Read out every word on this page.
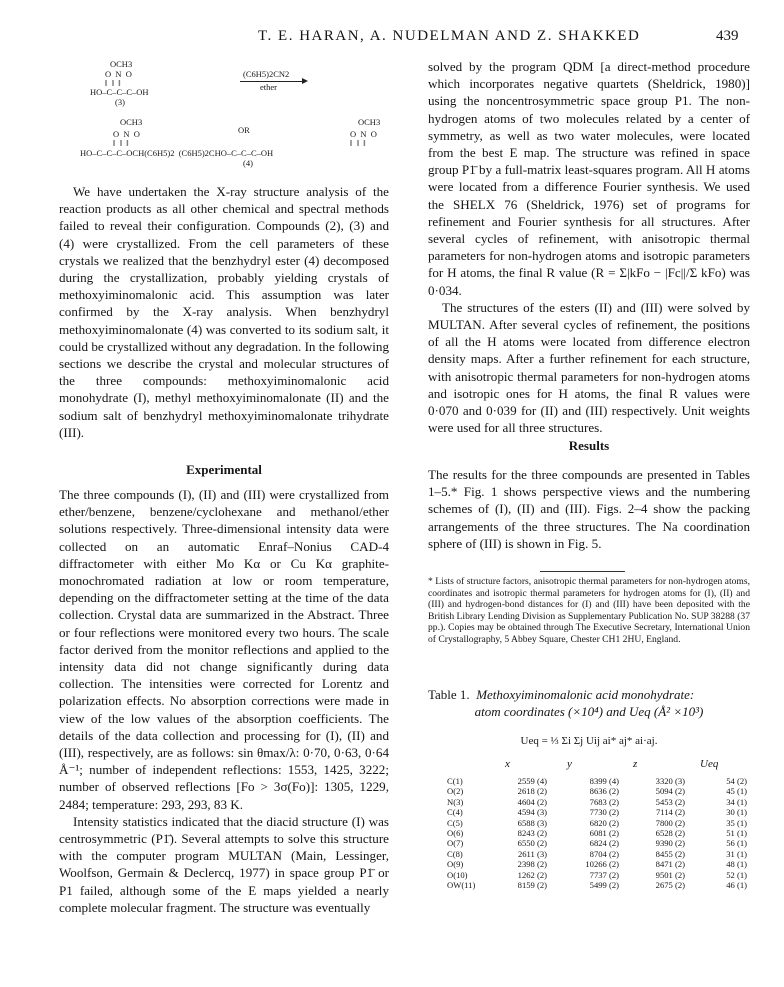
T. E. HARAN, A. NUDELMAN AND Z. SHAKKED	439
OCH3
O  N  O
‖  ‖  ‖
HO–C–C–C–OH
(3)
(C6H5)2CN2
ether
OCH3
O  N  O
‖  ‖  ‖
OR
OCH3
O  N  O
‖  ‖  ‖
HO–C–C–C–OCH(C6H5)2  (C6H5)2CHO–C–C–C–OH
(4)

We have undertaken the X-ray structure analysis of the reaction products as all other chemical and spectral methods failed to reveal their configuration. Compounds (2), (3) and (4) were crystallized. From the cell parameters of these crystals we realized that the benzhydryl ester (4) decomposed during the crystallization, probably yielding crystals of methoxyiminomalonic acid. This assumption was later confirmed by the X-ray analysis. When benzhydryl methoxyiminomalonate (4) was converted to its sodium salt, it could be crystallized without any degradation. In the following sections we describe the crystal and molecular structures of the three compounds: methoxyiminomalonic acid monohydrate (I), methyl methoxyiminomalonate (II) and the sodium salt of benzhydryl methoxyiminomalonate trihydrate (III).

Experimental

The three compounds (I), (II) and (III) were crystallized from ether/benzene, benzene/cyclohexane and methanol/ether solutions respectively. Three-dimensional intensity data were collected on an automatic Enraf–Nonius CAD-4 diffractometer with either Mo Kα or Cu Kα graphite-monochromated radiation at low or room temperature, depending on the diffractometer setting at the time of the data collection. Crystal data are summarized in the Abstract. Three or four reflections were monitored every two hours. The scale factor derived from the monitor reflections and applied to the intensity data did not change significantly during data collection. The intensities were corrected for Lorentz and polarization effects. No absorption corrections were made in view of the low values of the absorption coefficients. The details of the data collection and processing for (I), (II) and (III), respectively, are as follows: sin θmax/λ: 0·70, 0·63, 0·64 Å⁻¹; number of independent reflections: 1553, 1425, 3222; number of observed reflections [Fo > 3σ(Fo)]: 1305, 1229, 2484; temperature: 293, 293, 83 K.

Intensity statistics indicated that the diacid structure (I) was centrosymmetric (P1̄). Several attempts to solve this structure with the computer program MULTAN (Main, Lessinger, Woolfson, Germain & Declercq, 1977) in space group P1̄ or P1 failed, although some of the E maps yielded a nearly complete molecular fragment. The structure was eventually

solved by the program QDM [a direct-method procedure which incorporates negative quartets (Sheldrick, 1980)] using the noncentrosymmetric space group P1. The non-hydrogen atoms of two molecules related by a center of symmetry, as well as two water molecules, were located from the best E map. The structure was refined in space group P1̄ by a full-matrix least-squares program. All H atoms were located from a difference Fourier synthesis. We used the SHELX 76 (Sheldrick, 1976) set of programs for refinement and Fourier synthesis for all structures. After several cycles of refinement, with anisotropic thermal parameters for non-hydrogen atoms and isotropic parameters for H atoms, the final R value (R = Σ|kFo − |Fc||/Σ kFo) was 0·034.

The structures of the esters (II) and (III) were solved by MULTAN. After several cycles of refinement, the positions of all the H atoms were located from difference electron density maps. After a further refinement for each structure, with anisotropic thermal parameters for non-hydrogen atoms and isotropic ones for H atoms, the final R values were 0·070 and 0·039 for (II) and (III) respectively. Unit weights were used for all three structures.

Results

The results for the three compounds are presented in Tables 1–5.* Fig. 1 shows perspective views and the numbering schemes of (I), (II) and (III). Figs. 2–4 show the packing arrangements of the three structures. The Na coordination sphere of (III) is shown in Fig. 5.

* Lists of structure factors, anisotropic thermal parameters for non-hydrogen atoms, coordinates and isotropic thermal parameters for hydrogen atoms for (I), (II) and (III) and hydrogen-bond distances for (I) and (III) have been deposited with the British Library Lending Division as Supplementary Publication No. SUP 38288 (37 pp.). Copies may be obtained through The Executive Secretary, International Union of Crystallography, 5 Abbey Square, Chester CH1 2HU, England.
Table 1. Methoxyiminomalonic acid monohydrate:
atom coordinates (×10⁴) and Ueq (Å² ×10³)
Ueq = ⅓ Σi Σj Uij ai* aj* ai·aj.
x	y	z	Ueq
C(1)	2559 (4)	8399 (4)	3320 (3)	54 (2)
O(2)	2618 (2)	8636 (2)	5094 (2)	45 (1)
N(3)	4604 (2)	7683 (2)	5453 (2)	34 (1)
C(4)	4594 (3)	7730 (2)	7114 (2)	30 (1)
C(5)	6588 (3)	6820 (2)	7800 (2)	35 (1)
O(6)	8243 (2)	6081 (2)	6528 (2)	51 (1)
O(7)	6550 (2)	6824 (2)	9390 (2)	56 (1)
C(8)	2611 (3)	8704 (2)	8455 (2)	31 (1)
O(9)	2398 (2)	10266 (2)	8471 (2)	48 (1)
O(10)	1262 (2)	7737 (2)	9501 (2)	52 (1)
OW(11)	8159 (2)	5499 (2)	2675 (2)	46 (1)
